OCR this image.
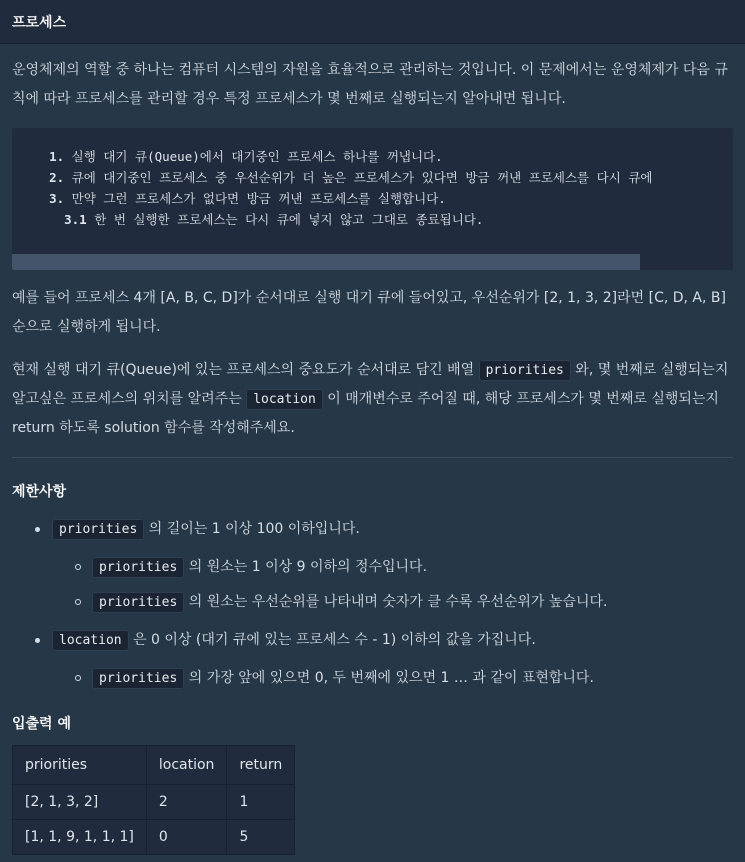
프로세스

운영체제의 역할 중 하나는 컴퓨터 시스템의 자원을 효율적으로 관리하는 것입니다. 이 문제에서는 운영체제가 다음 규칙에 따라 프로세스를 관리할 경우 특정 프로세스가 몇 번째로 실행되는지 알아내면 됩니다.

1. 실행 대기 큐(Queue)에서 대기중인 프로세스 하나를 꺼냅니다.
2. 큐에 대기중인 프로세스 중 우선순위가 더 높은 프로세스가 있다면 방금 꺼낸 프로세스를 다시 큐에
3. 만약 그런 프로세스가 없다면 방금 꺼낸 프로세스를 실행합니다.
3.1 한 번 실행한 프로세스는 다시 큐에 넣지 않고 그대로 종료됩니다.

예를 들어 프로세스 4개 [A, B, C, D]가 순서대로 실행 대기 큐에 들어있고, 우선순위가 [2, 1, 3, 2]라면 [C, D, A, B] 순으로 실행하게 됩니다.

현재 실행 대기 큐(Queue)에 있는 프로세스의 중요도가 순서대로 담긴 배열 priorities 와, 몇 번째로 실행되는지 알고싶은 프로세스의 위치를 알려주는 location 이 매개변수로 주어질 때, 해당 프로세스가 몇 번째로 실행되는지 return 하도록 solution 함수를 작성해주세요.

제한사항
priorities 의 길이는 1 이상 100 이하입니다.
priorities 의 원소는 1 이상 9 이하의 정수입니다.
priorities 의 원소는 우선순위를 나타내며 숫자가 클 수록 우선순위가 높습니다.
location 은 0 이상 (대기 큐에 있는 프로세스 수 - 1) 이하의 값을 가집니다.
priorities 의 가장 앞에 있으면 0, 두 번째에 있으면 1 … 과 같이 표현합니다.
입출력 예
priorities	location	return
[2, 1, 3, 2]	2	1
[1, 1, 9, 1, 1, 1]	0	5
